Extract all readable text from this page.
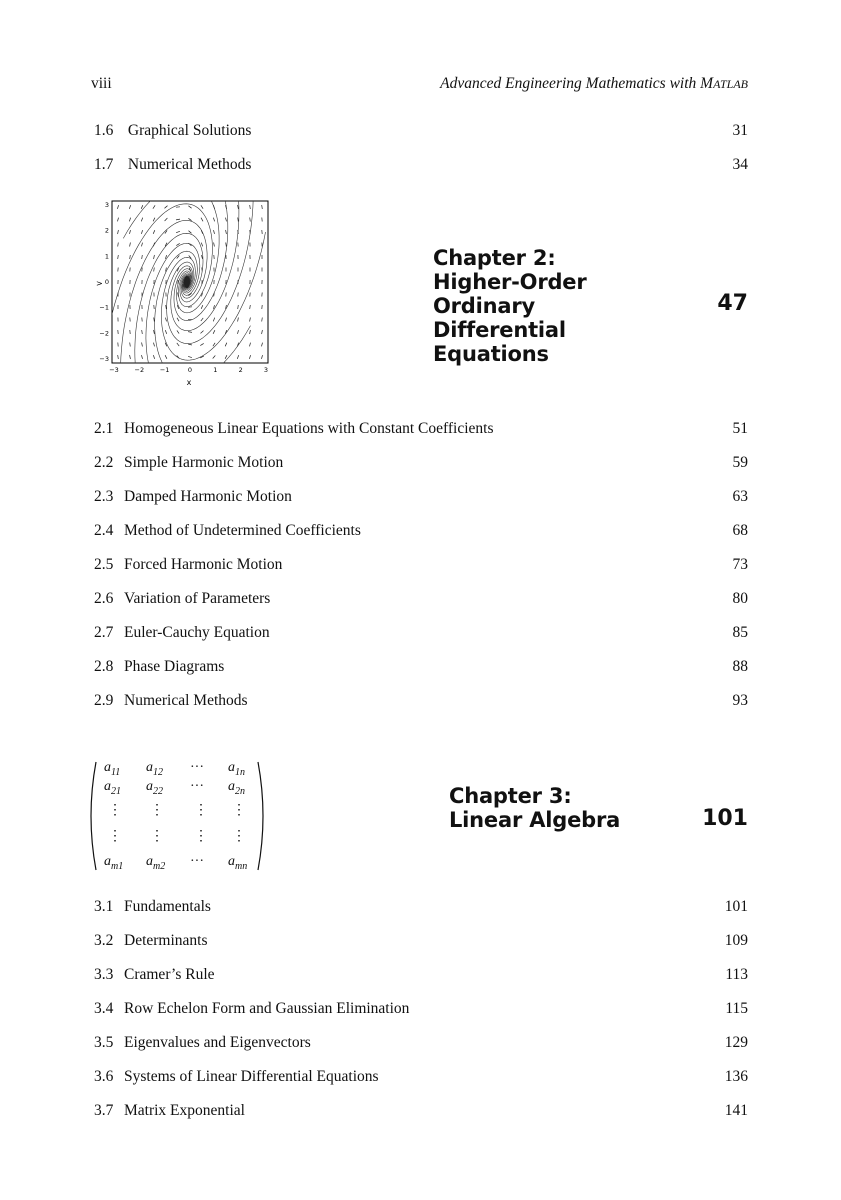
viii	Advanced Engineering Mathematics with MATLAB
1.6 Graphical Solutions	31
1.7 Numerical Methods	34
3
2
1
0
−1
−2
−3
−3 −2 −1	0	1	2	3
>
x
Chapter 2:
Higher-Order Ordinary
Differential Equations
47
2.1 Homogeneous Linear Equations with Constant Coefficients	51
2.2 Simple Harmonic Motion	59
2.3 Damped Harmonic Motion	63
2.4 Method of Undetermined Coefficients	68
2.5 Forced Harmonic Motion	73
2.6 Variation of Parameters	80
2.7 Euler-Cauchy Equation	85
2.8 Phase Diagrams	88
2.9 Numerical Methods	93
$a_{11}$ $a_{12}$ ··· $a_{1n}$
$a_{21}$ $a_{22}$ ··· $a_{2n}$
⋮ ⋮ ⋮ ⋮
⋮ ⋮ ⋮ ⋮
$a_{m1}$ $a_{m2}$ ··· $a_{mn}$
Chapter 3:
Linear Algebra	101
3.1 Fundamentals	101
3.2 Determinants	109
3.3 Cramer’s Rule	113
3.4 Row Echelon Form and Gaussian Elimination	115
3.5 Eigenvalues and Eigenvectors	129
3.6 Systems of Linear Differential Equations	136
3.7 Matrix Exponential	141
